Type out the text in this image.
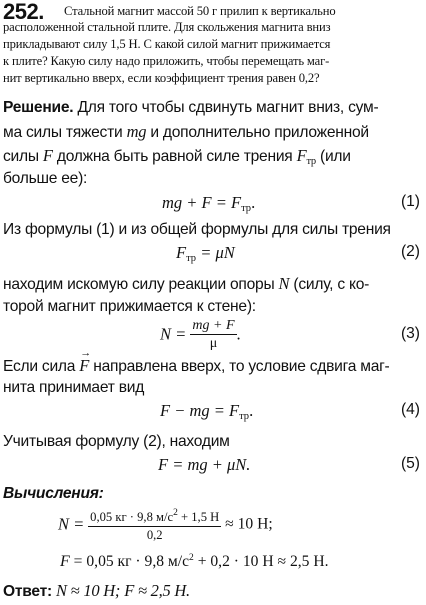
252. Стальной магнит массой 50 г прилип к вертикально
расположенной стальной плите. Для скольжения магнита вниз
прикладывают силу 1,5 Н. С какой силой магнит прижимается
к плите? Какую силу надо приложить, чтобы перемещать маг-
нит вертикально вверх, если коэффициент трения равен 0,2?
Решение. Для того чтобы сдвинуть магнит вниз, сум-
ма силы тяжести mg и дополнительно приложенной
силы F должна быть равной силе трения $F_{тр}$ (или
больше ее):
mg + $F = F_{тр}$.	(1)
Из формулы (1) и из общей формулы для силы трения
$F_{тр} = \mu N$	(2)
находим искомую силу реакции опоры N (силу, с ко-
торой магнит прижимается к стене):
$N = \frac{mg + F}{\mu}$ .	(3)
Если сила → F направлена вверх, то условие сдвига маг-
нита принимает вид
F − mg = $F_{тр}$.	(4)
Учитывая формулу (2), находим
F = mg + μN.	(5)
Вычисления:
$N = \frac{0,05 кг \cdot 9,8 м/с^2 + 1,5 Н}{0,2} \approx 10$ Н;
F = 0,05 кг · 9,8 $м/с^2 + 0,2 \cdot 10$ Н ≈ 2,5 Н.
Ответ: N ≈ 10 Н; F ≈ 2,5 Н.
